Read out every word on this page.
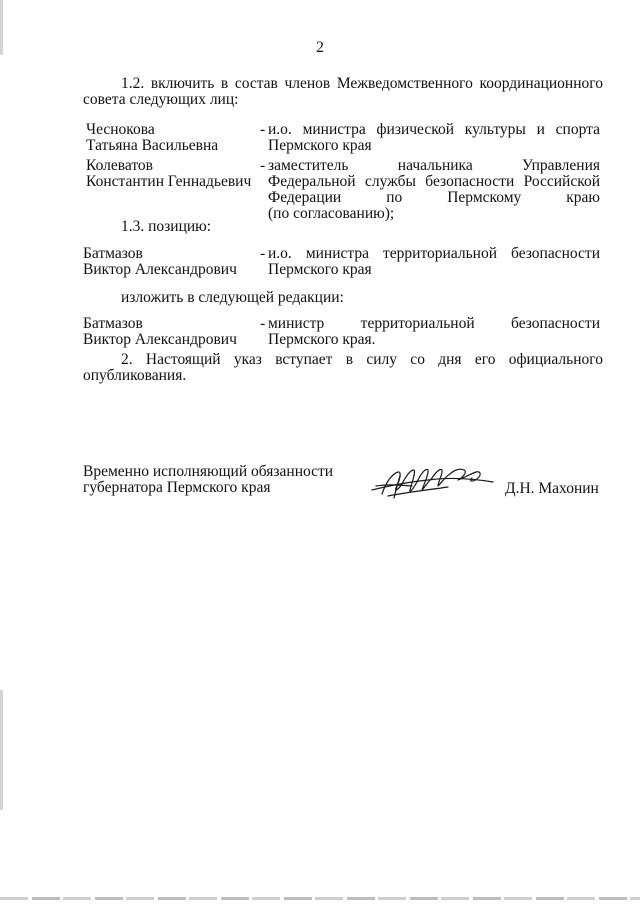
2
1.2. включить в состав членов Межведомственного координационного
совета следующих лиц:
Чеснокова
Татьяна Васильевна
- и.о. министра физической культуры и спорта
Пермского края
Колеватов
Константин Геннадьевич
- заместитель начальника Управления
Федеральной службы безопасности Российской
Федерации по Пермскому краю
(по согласованию);
1.3. позицию:
Батмазов
Виктор Александрович
- и.о. министра территориальной безопасности
Пермского края
изложить в следующей редакции:
Батмазов
Виктор Александрович
- министр территориальной безопасности
Пермского края.
2. Настоящий указ вступает в силу со дня его официального
опубликования.
Временно исполняющий обязанности
губернатора Пермского края	Д.Н. Махонин
